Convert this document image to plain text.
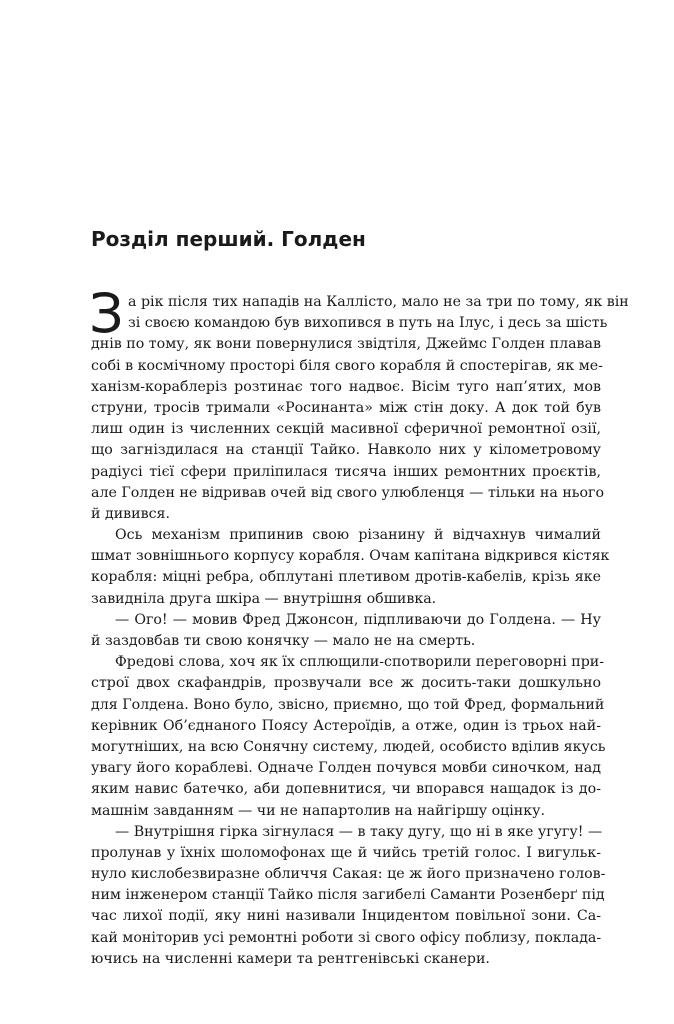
Розділ перший. Голден
З а рік після тих нападів на Каллісто, мало не за три по тому, як він
зі своєю командою був вихопився в путь на Ілус, і десь за шість
днів по тому, як вони повернулися звідтіля, Джеймс Голден плавав
собі в космічному просторі біля свого корабля й спостерігав, як ме-
ханізм-кораблеріз розтинає того надвоє. Вісім туго нап’ятих, мов
струни, тросів тримали «Росинанта» між стін доку. А док той був
лиш один із численних секцій масивної сферичної ремонтної озії,
що загніздилася на станції Тайко. Навколо них у кілометровому
радіусі тієї сфери приліпилася тисяча інших ремонтних проєктів,
але Голден не відривав очей від свого улюбленця — тільки на нього
й дивився.
Ось механізм припинив свою різанину й відчахнув чималий
шмат зовнішнього корпусу корабля. Очам капітана відкрився кістяк
корабля: міцні ребра, обплутані плетивом дротів-кабелів, крізь яке
завидніла друга шкіра — внутрішня обшивка.
— Ого! — мовив Фред Джонсон, підпливаючи до Голдена. — Ну
й заздовбав ти свою конячку — мало не на смерть.
Фредові слова, хоч як їх сплющили-спотворили переговорні при-
строї двох скафандрів, прозвучали все ж досить-таки дошкульно
для Голдена. Воно було, звісно, приємно, що той Фред, формальний
керівник Об’єднаного Поясу Астероїдів, а отже, один із трьох най-
могутніших, на всю Сонячну систему, людей, особисто вділив якусь
увагу його кораблеві. Одначе Голден почувся мовби синочком, над
яким навис батечко, аби допевнитися, чи впорався нащадок із до-
машнім завданням — чи не напартолив на найгіршу оцінку.
— Внутрішня гірка зігнулася — в таку дугу, що ні в яке угугу! —
пролунав у їхніх шоломофонах ще й чийсь третій голос. І вигульк-
нуло кислобезвиразне обличчя Сакая: це ж його призначено голов-
ним інженером станції Тайко після загибелі Саманти Розенберґ під
час лихої події, яку нині називали Інцидентом повільної зони. Са-
кай моніторив усі ремонтні роботи зі свого офісу поблизу, поклада-
ючись на численні камери та рентгенівські сканери.
